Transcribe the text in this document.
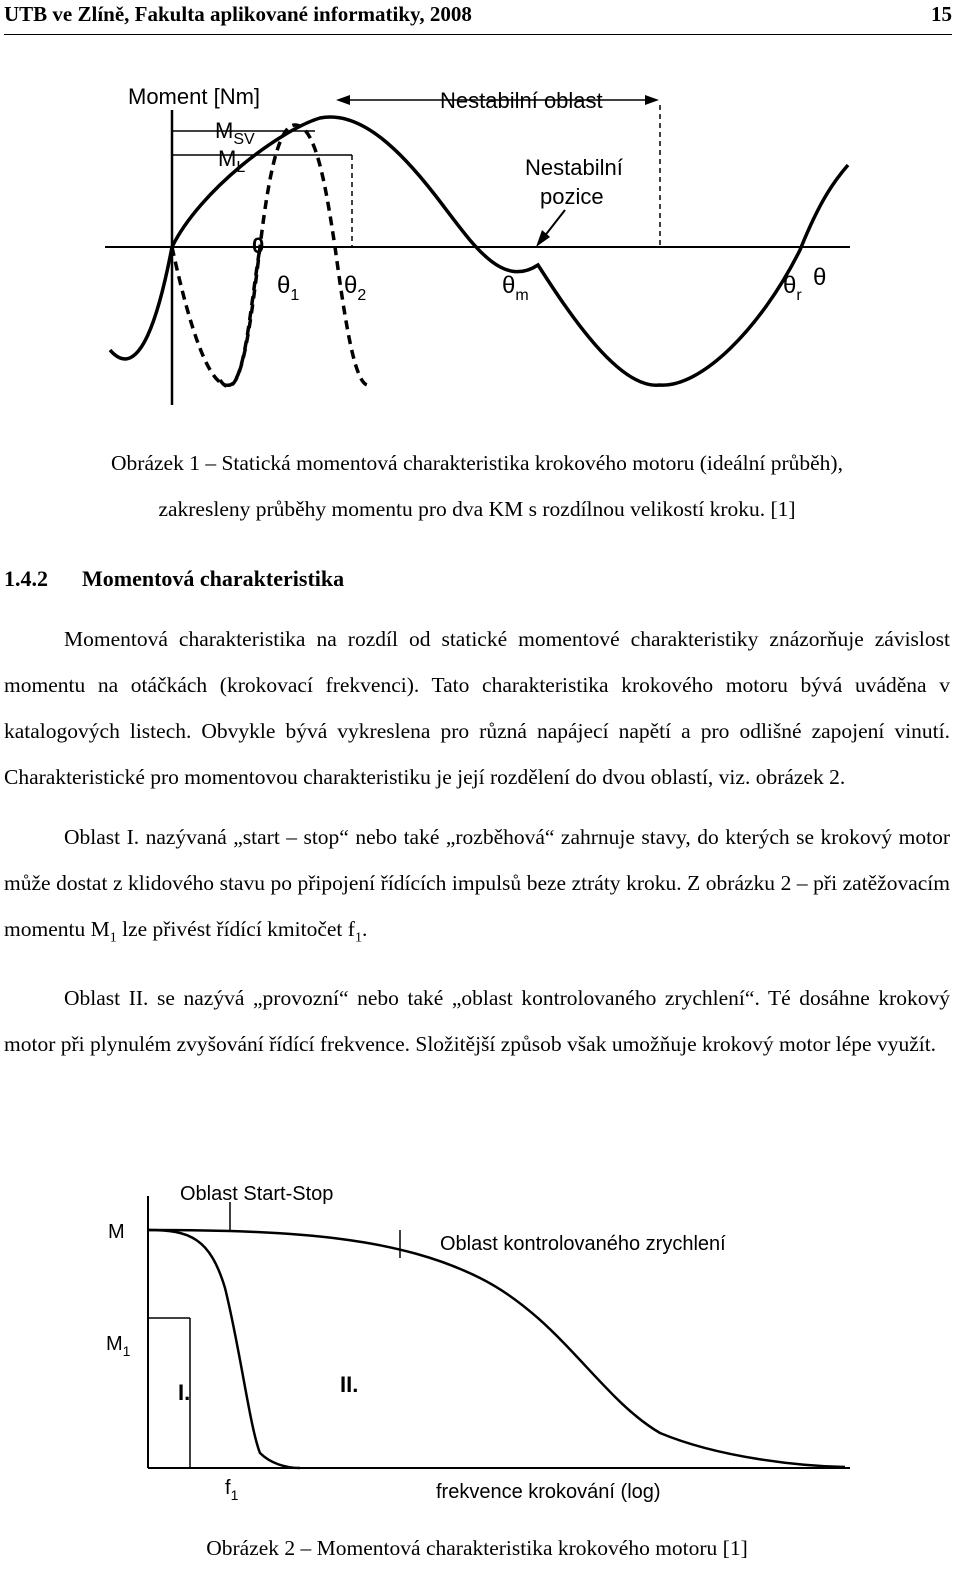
UTB ve Zlíně, Fakulta aplikované informatiky, 2008	15
Moment [Nm]	Nestabilní oblast
Nestabilní
pozice
$M_{SV}$
$M_L$
0
$\theta_1$ $\theta_2$	$\theta_m$	$\theta_r$
θ
Obrázek 1 – Statická momentová charakteristika krokového motoru (ideální průběh),
zakresleny průběhy momentu pro dva KM s rozdílnou velikostí kroku. [1]
1.4.2 Momentová charakteristika

Momentová charakteristika na rozdíl od statické momentové charakteristiky znázorňuje závislost momentu na otáčkách (krokovací frekvenci). Tato charakteristika krokového motoru bývá uváděna v katalogových listech. Obvykle bývá vykreslena pro různá napájecí napětí a pro odlišné zapojení vinutí. Charakteristické pro momentovou charakteristiku je její rozdělení do dvou oblastí, viz. obrázek 2.

Oblast I. nazývaná „start – stop“ nebo také „rozběhová“ zahrnuje stavy, do kterých se krokový motor může dostat z klidového stavu po připojení řídících impulsů beze ztráty kroku. Z obrázku 2 – při zatěžovacím momentu $M_1$ lze přivést řídící kmitočet $f_1$.

Oblast II. se nazývá „provozní“ nebo také „oblast kontrolovaného zrychlení“. Té dosáhne krokový motor při plynulém zvyšování řídící frekvence. Složitější způsob však umožňuje krokový motor lépe využít.

Oblast Start-Stop
Oblast kontrolovaného zrychlení
M
$M_1$
I.	II.
$f_1$	frekvence krokování (log)
Obrázek 2 – Momentová charakteristika krokového motoru [1]
